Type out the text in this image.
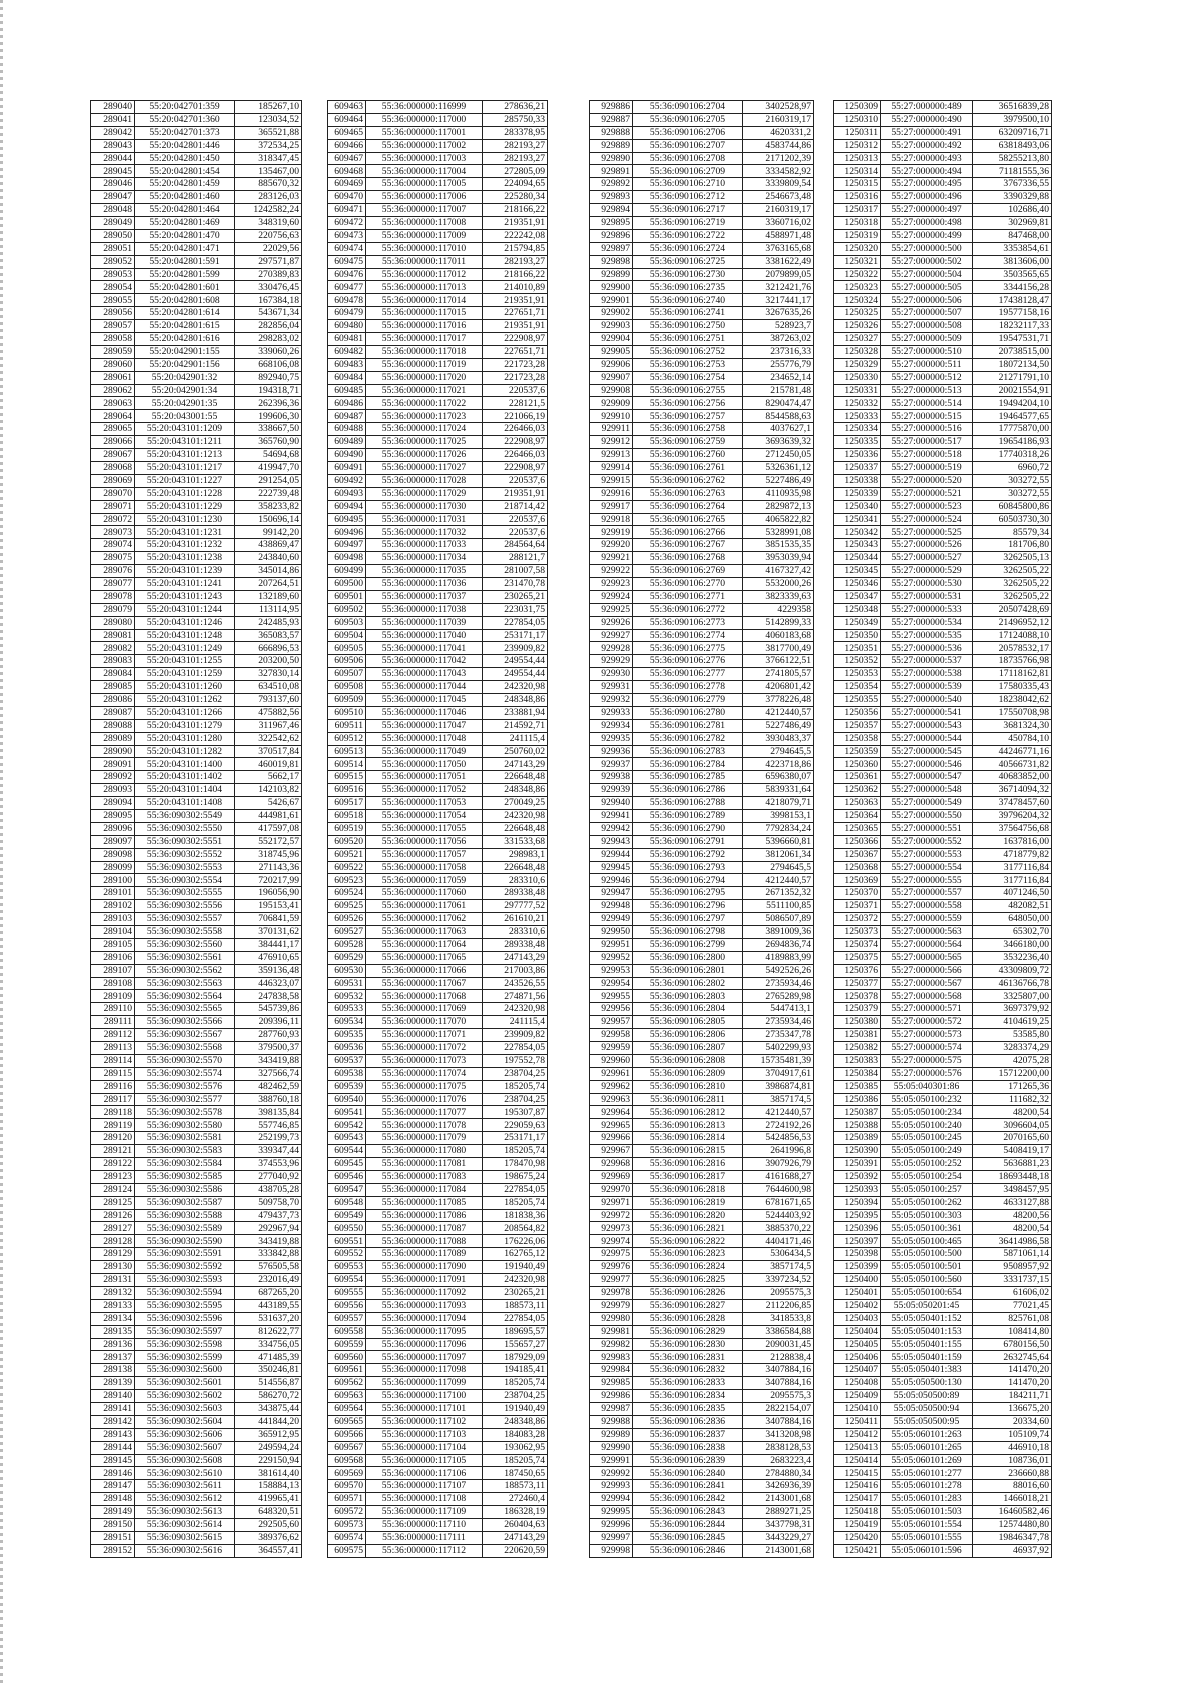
289040	55:20:042701:359	185267,10
289041	55:20:042701:360	123034,52
289042	55:20:042701:373	365521,88
289043	55:20:042801:446	372534,25
289044	55:20:042801:450	318347,45
289045	55:20:042801:454	135467,00
289046	55:20:042801:459	885670,32
289047	55:20:042801:460	283126,03
289048	55:20:042801:464	1242582,24
289049	55:20:042801:469	348319,60
289050	55:20:042801:470	220756,63
289051	55:20:042801:471	22029,56
289052	55:20:042801:591	297571,87
289053	55:20:042801:599	270389,83
289054	55:20:042801:601	330476,45
289055	55:20:042801:608	167384,18
289056	55:20:042801:614	543671,34
289057	55:20:042801:615	282856,04
289058	55:20:042801:616	298283,02
289059	55:20:042901:155	339060,26
289060	55:20:042901:156	668106,08
289061	55:20:042901:32	892940,75
289062	55:20:042901:34	194318,71
289063	55:20:042901:35	262396,36
289064	55:20:043001:55	199606,30
289065	55:20:043101:1209	338667,50
289066	55:20:043101:1211	365760,90
289067	55:20:043101:1213	54694,68
289068	55:20:043101:1217	419947,70
289069	55:20:043101:1227	291254,05
289070	55:20:043101:1228	222739,48
289071	55:20:043101:1229	358233,82
289072	55:20:043101:1230	150696,14
289073	55:20:043101:1231	99142,20
289074	55:20:043101:1232	438869,47
289075	55:20:043101:1238	243840,60
289076	55:20:043101:1239	345014,86
289077	55:20:043101:1241	207264,51
289078	55:20:043101:1243	132189,60
289079	55:20:043101:1244	113114,95
289080	55:20:043101:1246	242485,93
289081	55:20:043101:1248	365083,57
289082	55:20:043101:1249	666896,53
289083	55:20:043101:1255	203200,50
289084	55:20:043101:1259	327830,14
289085	55:20:043101:1260	634510,08
289086	55:20:043101:1262	793137,60
289087	55:20:043101:1266	475882,56
289088	55:20:043101:1279	311967,46
289089	55:20:043101:1280	322542,62
289090	55:20:043101:1282	370517,84
289091	55:20:043101:1400	460019,81
289092	55:20:043101:1402	5662,17
289093	55:20:043101:1404	142103,82
289094	55:20:043101:1408	5426,67
289095	55:36:090302:5549	444981,61
289096	55:36:090302:5550	417597,08
289097	55:36:090302:5551	552172,57
289098	55:36:090302:5552	318745,96
289099	55:36:090302:5553	271143,36
289100	55:36:090302:5554	720217,99
289101	55:36:090302:5555	196056,90
289102	55:36:090302:5556	195153,41
289103	55:36:090302:5557	706841,59
289104	55:36:090302:5558	370131,62
289105	55:36:090302:5560	384441,17
289106	55:36:090302:5561	476910,65
289107	55:36:090302:5562	359136,48
289108	55:36:090302:5563	446323,07
289109	55:36:090302:5564	247838,58
289110	55:36:090302:5565	545739,86
289111	55:36:090302:5566	209396,11
289112	55:36:090302:5567	287760,93
289113	55:36:090302:5568	379500,37
289114	55:36:090302:5570	343419,88
289115	55:36:090302:5574	327566,74
289116	55:36:090302:5576	482462,59
289117	55:36:090302:5577	388760,18
289118	55:36:090302:5578	398135,84
289119	55:36:090302:5580	557746,85
289120	55:36:090302:5581	252199,73
289121	55:36:090302:5583	339347,44
289122	55:36:090302:5584	374553,96
289123	55:36:090302:5585	277040,92
289124	55:36:090302:5586	438705,28
289125	55:36:090302:5587	509758,70
289126	55:36:090302:5588	479437,73
289127	55:36:090302:5589	292967,94
289128	55:36:090302:5590	343419,88
289129	55:36:090302:5591	333842,88
289130	55:36:090302:5592	576505,58
289131	55:36:090302:5593	232016,49
289132	55:36:090302:5594	687265,20
289133	55:36:090302:5595	443189,55
289134	55:36:090302:5596	531637,20
289135	55:36:090302:5597	812622,77
289136	55:36:090302:5598	334756,05
289137	55:36:090302:5599	471485,39
289138	55:36:090302:5600	350246,81
289139	55:36:090302:5601	514556,87
289140	55:36:090302:5602	586270,72
289141	55:36:090302:5603	343875,44
289142	55:36:090302:5604	441844,20
289143	55:36:090302:5606	365912,95
289144	55:36:090302:5607	249594,24
289145	55:36:090302:5608	229150,94
289146	55:36:090302:5610	381614,40
289147	55:36:090302:5611	158884,13
289148	55:36:090302:5612	419965,41
289149	55:36:090302:5613	648320,51
289150	55:36:090302:5614	292505,60
289151	55:36:090302:5615	389376,62
289152	55:36:090302:5616	364557,41
609463	55:36:000000:116999	278636,21
609464	55:36:000000:117000	285750,33
609465	55:36:000000:117001	283378,95
609466	55:36:000000:117002	282193,27
609467	55:36:000000:117003	282193,27
609468	55:36:000000:117004	272805,09
609469	55:36:000000:117005	224094,65
609470	55:36:000000:117006	225280,34
609471	55:36:000000:117007	218166,22
609472	55:36:000000:117008	219351,91
609473	55:36:000000:117009	222242,08
609474	55:36:000000:117010	215794,85
609475	55:36:000000:117011	282193,27
609476	55:36:000000:117012	218166,22
609477	55:36:000000:117013	214010,89
609478	55:36:000000:117014	219351,91
609479	55:36:000000:117015	227651,71
609480	55:36:000000:117016	219351,91
609481	55:36:000000:117017	222908,97
609482	55:36:000000:117018	227651,71
609483	55:36:000000:117019	221723,28
609484	55:36:000000:117020	221723,28
609485	55:36:000000:117021	220537,6
609486	55:36:000000:117022	228121,5
609487	55:36:000000:117023	221066,19
609488	55:36:000000:117024	226466,03
609489	55:36:000000:117025	222908,97
609490	55:36:000000:117026	226466,03
609491	55:36:000000:117027	222908,97
609492	55:36:000000:117028	220537,6
609493	55:36:000000:117029	219351,91
609494	55:36:000000:117030	218714,42
609495	55:36:000000:117031	220537,6
609496	55:36:000000:117032	220537,6
609497	55:36:000000:117033	284564,64
609498	55:36:000000:117034	288121,7
609499	55:36:000000:117035	281007,58
609500	55:36:000000:117036	231470,78
609501	55:36:000000:117037	230265,21
609502	55:36:000000:117038	223031,75
609503	55:36:000000:117039	227854,05
609504	55:36:000000:117040	253171,17
609505	55:36:000000:117041	239909,82
609506	55:36:000000:117042	249554,44
609507	55:36:000000:117043	249554,44
609508	55:36:000000:117044	242320,98
609509	55:36:000000:117045	248348,86
609510	55:36:000000:117046	233881,94
609511	55:36:000000:117047	214592,71
609512	55:36:000000:117048	241115,4
609513	55:36:000000:117049	250760,02
609514	55:36:000000:117050	247143,29
609515	55:36:000000:117051	226648,48
609516	55:36:000000:117052	248348,86
609517	55:36:000000:117053	270049,25
609518	55:36:000000:117054	242320,98
609519	55:36:000000:117055	226648,48
609520	55:36:000000:117056	331533,68
609521	55:36:000000:117057	298983,1
609522	55:36:000000:117058	226648,48
609523	55:36:000000:117059	283310,6
609524	55:36:000000:117060	289338,48
609525	55:36:000000:117061	297777,52
609526	55:36:000000:117062	261610,21
609527	55:36:000000:117063	283310,6
609528	55:36:000000:117064	289338,48
609529	55:36:000000:117065	247143,29
609530	55:36:000000:117066	217003,86
609531	55:36:000000:117067	243526,55
609532	55:36:000000:117068	274871,56
609533	55:36:000000:117069	242320,98
609534	55:36:000000:117070	241115,4
609535	55:36:000000:117071	239909,82
609536	55:36:000000:117072	227854,05
609537	55:36:000000:117073	197552,78
609538	55:36:000000:117074	238704,25
609539	55:36:000000:117075	185205,74
609540	55:36:000000:117076	238704,25
609541	55:36:000000:117077	195307,87
609542	55:36:000000:117078	229059,63
609543	55:36:000000:117079	253171,17
609544	55:36:000000:117080	185205,74
609545	55:36:000000:117081	178470,98
609546	55:36:000000:117083	198675,24
609547	55:36:000000:117084	227854,05
609548	55:36:000000:117085	185205,74
609549	55:36:000000:117086	181838,36
609550	55:36:000000:117087	208564,82
609551	55:36:000000:117088	176226,06
609552	55:36:000000:117089	162765,12
609553	55:36:000000:117090	191940,49
609554	55:36:000000:117091	242320,98
609555	55:36:000000:117092	230265,21
609556	55:36:000000:117093	188573,11
609557	55:36:000000:117094	227854,05
609558	55:36:000000:117095	189695,57
609559	55:36:000000:117096	155657,27
609560	55:36:000000:117097	187929,09
609561	55:36:000000:117098	194185,41
609562	55:36:000000:117099	185205,74
609563	55:36:000000:117100	238704,25
609564	55:36:000000:117101	191940,49
609565	55:36:000000:117102	248348,86
609566	55:36:000000:117103	184083,28
609567	55:36:000000:117104	193062,95
609568	55:36:000000:117105	185205,74
609569	55:36:000000:117106	187450,65
609570	55:36:000000:117107	188573,11
609571	55:36:000000:117108	272460,4
609572	55:36:000000:117109	186328,19
609573	55:36:000000:117110	260404,63
609574	55:36:000000:117111	247143,29
609575	55:36:000000:117112	220620,59
929886	55:36:090106:2704	3402528,97
929887	55:36:090106:2705	2160319,17
929888	55:36:090106:2706	4620331,2
929889	55:36:090106:2707	4583744,86
929890	55:36:090106:2708	2171202,39
929891	55:36:090106:2709	3334582,92
929892	55:36:090106:2710	3339809,54
929893	55:36:090106:2712	2546673,48
929894	55:36:090106:2717	2160319,17
929895	55:36:090106:2719	3360716,02
929896	55:36:090106:2722	4588971,48
929897	55:36:090106:2724	3763165,68
929898	55:36:090106:2725	3381622,49
929899	55:36:090106:2730	2079899,05
929900	55:36:090106:2735	3212421,76
929901	55:36:090106:2740	3217441,17
929902	55:36:090106:2741	3267635,26
929903	55:36:090106:2750	528923,7
929904	55:36:090106:2751	387263,02
929905	55:36:090106:2752	237316,33
929906	55:36:090106:2753	255776,79
929907	55:36:090106:2754	234652,14
929908	55:36:090106:2755	215781,48
929909	55:36:090106:2756	8290474,47
929910	55:36:090106:2757	8544588,63
929911	55:36:090106:2758	4037627,1
929912	55:36:090106:2759	3693639,32
929913	55:36:090106:2760	2712450,05
929914	55:36:090106:2761	5326361,12
929915	55:36:090106:2762	5227486,49
929916	55:36:090106:2763	4110935,98
929917	55:36:090106:2764	2829872,13
929918	55:36:090106:2765	4065822,82
929919	55:36:090106:2766	5328991,08
929920	55:36:090106:2767	3851535,35
929921	55:36:090106:2768	3953039,94
929922	55:36:090106:2769	4167327,42
929923	55:36:090106:2770	5532000,26
929924	55:36:090106:2771	3823339,63
929925	55:36:090106:2772	4229358
929926	55:36:090106:2773	5142899,33
929927	55:36:090106:2774	4060183,68
929928	55:36:090106:2775	3817700,49
929929	55:36:090106:2776	3766122,51
929930	55:36:090106:2777	2741805,57
929931	55:36:090106:2778	4206801,42
929932	55:36:090106:2779	3778226,48
929933	55:36:090106:2780	4212440,57
929934	55:36:090106:2781	5227486,49
929935	55:36:090106:2782	3930483,37
929936	55:36:090106:2783	2794645,5
929937	55:36:090106:2784	4223718,86
929938	55:36:090106:2785	6596380,07
929939	55:36:090106:2786	5839331,64
929940	55:36:090106:2788	4218079,71
929941	55:36:090106:2789	3998153,1
929942	55:36:090106:2790	7792834,24
929943	55:36:090106:2791	5396660,81
929944	55:36:090106:2792	3812061,34
929945	55:36:090106:2793	2794645,5
929946	55:36:090106:2794	4212440,57
929947	55:36:090106:2795	2671352,32
929948	55:36:090106:2796	5511100,85
929949	55:36:090106:2797	5086507,89
929950	55:36:090106:2798	3891009,36
929951	55:36:090106:2799	2694836,74
929952	55:36:090106:2800	4189883,99
929953	55:36:090106:2801	5492526,26
929954	55:36:090106:2802	2735934,46
929955	55:36:090106:2803	2765289,98
929956	55:36:090106:2804	5447413,1
929957	55:36:090106:2805	2735934,46
929958	55:36:090106:2806	2735347,78
929959	55:36:090106:2807	5402299,93
929960	55:36:090106:2808	15735481,39
929961	55:36:090106:2809	3704917,61
929962	55:36:090106:2810	3986874,81
929963	55:36:090106:2811	3857174,5
929964	55:36:090106:2812	4212440,57
929965	55:36:090106:2813	2724192,26
929966	55:36:090106:2814	5424856,53
929967	55:36:090106:2815	2641996,8
929968	55:36:090106:2816	3907926,79
929969	55:36:090106:2817	4161688,27
929970	55:36:090106:2818	7644600,98
929971	55:36:090106:2819	6781671,65
929972	55:36:090106:2820	5244403,92
929973	55:36:090106:2821	3885370,22
929974	55:36:090106:2822	4404171,46
929975	55:36:090106:2823	5306434,5
929976	55:36:090106:2824	3857174,5
929977	55:36:090106:2825	3397234,52
929978	55:36:090106:2826	2095575,3
929979	55:36:090106:2827	2112206,85
929980	55:36:090106:2828	3418533,8
929981	55:36:090106:2829	3386584,88
929982	55:36:090106:2830	2090031,45
929983	55:36:090106:2831	2128838,4
929984	55:36:090106:2832	3407884,16
929985	55:36:090106:2833	3407884,16
929986	55:36:090106:2834	2095575,3
929987	55:36:090106:2835	2822154,07
929988	55:36:090106:2836	3407884,16
929989	55:36:090106:2837	3413208,98
929990	55:36:090106:2838	2838128,53
929991	55:36:090106:2839	2683223,4
929992	55:36:090106:2840	2784880,34
929993	55:36:090106:2841	3426936,39
929994	55:36:090106:2842	2143001,68
929995	55:36:090106:2843	2889271,25
929996	55:36:090106:2844	3437798,31
929997	55:36:090106:2845	3443229,27
929998	55:36:090106:2846	2143001,68
1250309	55:27:000000:489	36516839,28
1250310	55:27:000000:490	3979500,10
1250311	55:27:000000:491	63209716,71
1250312	55:27:000000:492	63818493,06
1250313	55:27:000000:493	58255213,80
1250314	55:27:000000:494	71181555,36
1250315	55:27:000000:495	3767336,55
1250316	55:27:000000:496	3390329,88
1250317	55:27:000000:497	102686,40
1250318	55:27:000000:498	302969,81
1250319	55:27:000000:499	847468,00
1250320	55:27:000000:500	3353854,61
1250321	55:27:000000:502	3813606,00
1250322	55:27:000000:504	3503565,65
1250323	55:27:000000:505	3344156,28
1250324	55:27:000000:506	17438128,47
1250325	55:27:000000:507	19577158,16
1250326	55:27:000000:508	18232117,33
1250327	55:27:000000:509	19547531,71
1250328	55:27:000000:510	20738515,00
1250329	55:27:000000:511	18072134,50
1250330	55:27:000000:512	21271791,10
1250331	55:27:000000:513	20021554,91
1250332	55:27:000000:514	19494204,10
1250333	55:27:000000:515	19464577,65
1250334	55:27:000000:516	17775870,00
1250335	55:27:000000:517	19654186,93
1250336	55:27:000000:518	17740318,26
1250337	55:27:000000:519	6960,72
1250338	55:27:000000:520	303272,55
1250339	55:27:000000:521	303272,55
1250340	55:27:000000:523	60845800,86
1250341	55:27:000000:524	60503730,30
1250342	55:27:000000:525	85579,34
1250343	55:27:000000:526	181706,80
1250344	55:27:000000:527	3262505,13
1250345	55:27:000000:529	3262505,22
1250346	55:27:000000:530	3262505,22
1250347	55:27:000000:531	3262505,22
1250348	55:27:000000:533	20507428,69
1250349	55:27:000000:534	21496952,12
1250350	55:27:000000:535	17124088,10
1250351	55:27:000000:536	20578532,17
1250352	55:27:000000:537	18735766,98
1250353	55:27:000000:538	17118162,81
1250354	55:27:000000:539	17580335,43
1250355	55:27:000000:540	18238042,62
1250356	55:27:000000:541	17550708,98
1250357	55:27:000000:543	3681324,30
1250358	55:27:000000:544	450784,10
1250359	55:27:000000:545	44246771,16
1250360	55:27:000000:546	40566731,82
1250361	55:27:000000:547	40683852,00
1250362	55:27:000000:548	36714094,32
1250363	55:27:000000:549	37478457,60
1250364	55:27:000000:550	39796204,32
1250365	55:27:000000:551	37564756,68
1250366	55:27:000000:552	1637816,00
1250367	55:27:000000:553	4718779,82
1250368	55:27:000000:554	3177116,84
1250369	55:27:000000:555	3177116,84
1250370	55:27:000000:557	4071246,50
1250371	55:27:000000:558	482082,51
1250372	55:27:000000:559	648050,00
1250373	55:27:000000:563	65302,70
1250374	55:27:000000:564	3466180,00
1250375	55:27:000000:565	3532236,40
1250376	55:27:000000:566	43309809,72
1250377	55:27:000000:567	46136766,78
1250378	55:27:000000:568	3325807,00
1250379	55:27:000000:571	3697379,92
1250380	55:27:000000:572	4104619,25
1250381	55:27:000000:573	53585,80
1250382	55:27:000000:574	3283374,29
1250383	55:27:000000:575	42075,28
1250384	55:27:000000:576	15712200,00
1250385	55:05:040301:86	171265,36
1250386	55:05:050100:232	111682,32
1250387	55:05:050100:234	48200,54
1250388	55:05:050100:240	3096604,05
1250389	55:05:050100:245	2070165,60
1250390	55:05:050100:249	5408419,17
1250391	55:05:050100:252	5636881,23
1250392	55:05:050100:254	18693448,18
1250393	55:05:050100:257	3498457,95
1250394	55:05:050100:262	4633127,88
1250395	55:05:050100:303	48200,56
1250396	55:05:050100:361	48200,54
1250397	55:05:050100:465	36414986,58
1250398	55:05:050100:500	5871061,14
1250399	55:05:050100:501	9508957,92
1250400	55:05:050100:560	3331737,15
1250401	55:05:050100:654	61606,02
1250402	55:05:050201:45	77021,45
1250403	55:05:050401:152	825761,08
1250404	55:05:050401:153	108414,80
1250405	55:05:050401:155	6780156,50
1250406	55:05:050401:159	2632745,64
1250407	55:05:050401:383	141470,20
1250408	55:05:050500:130	141470,20
1250409	55:05:050500:89	184211,71
1250410	55:05:050500:94	136675,20
1250411	55:05:050500:95	20334,60
1250412	55:05:060101:263	105109,74
1250413	55:05:060101:265	446910,18
1250414	55:05:060101:269	108736,01
1250415	55:05:060101:277	236660,88
1250416	55:05:060101:278	88016,60
1250417	55:05:060101:283	1466018,21
1250418	55:05:060101:503	16460582,46
1250419	55:05:060101:554	12574480,80
1250420	55:05:060101:555	19846347,78
1250421	55:05:060101:596	46937,92
